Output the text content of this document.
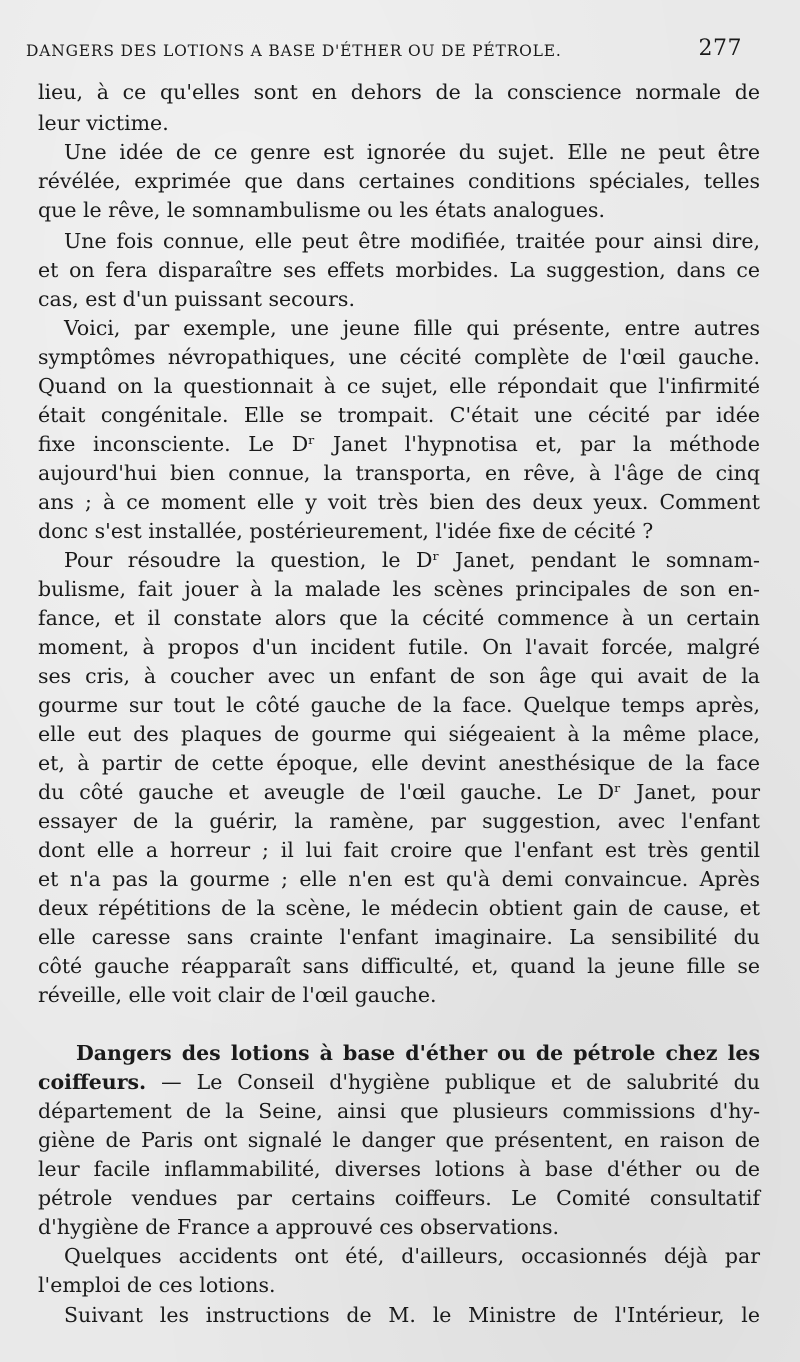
DANGERS DES LOTIONS A BASE D'ÉTHER OU DE PÉTROLE.	277
lieu, à ce qu'elles sont en dehors de la conscience normale de
leur victime.
Une idée de ce genre est ignorée du sujet. Elle ne peut être
révélée, exprimée que dans certaines conditions spéciales, telles
que le rêve, le somnambulisme ou les états analogues.
Une fois connue, elle peut être modifiée, traitée pour ainsi dire,
et on fera disparaître ses effets morbides. La suggestion, dans ce
cas, est d'un puissant secours.
Voici, par exemple, une jeune fille qui présente, entre autres
symptômes névropathiques, une cécité complète de l'œil gauche.
Quand on la questionnait à ce sujet, elle répondait que l'infirmité
était congénitale. Elle se trompait. C'était une cécité par idée
fixe inconsciente. Le Dʳ Janet l'hypnotisa et, par la méthode
aujourd'hui bien connue, la transporta, en rêve, à l'âge de cinq
ans ; à ce moment elle y voit très bien des deux yeux. Comment
donc s'est installée, postérieurement, l'idée fixe de cécité ?
Pour résoudre la question, le Dʳ Janet, pendant le somnam-
bulisme, fait jouer à la malade les scènes principales de son en-
fance, et il constate alors que la cécité commence à un certain
moment, à propos d'un incident futile. On l'avait forcée, malgré
ses cris, à coucher avec un enfant de son âge qui avait de la
gourme sur tout le côté gauche de la face. Quelque temps après,
elle eut des plaques de gourme qui siégeaient à la même place,
et, à partir de cette époque, elle devint anesthésique de la face
du côté gauche et aveugle de l'œil gauche. Le Dʳ Janet, pour
essayer de la guérir, la ramène, par suggestion, avec l'enfant
dont elle a horreur ; il lui fait croire que l'enfant est très gentil
et n'a pas la gourme ; elle n'en est qu'à demi convaincue. Après
deux répétitions de la scène, le médecin obtient gain de cause, et
elle caresse sans crainte l'enfant imaginaire. La sensibilité du
côté gauche réapparaît sans difficulté, et, quand la jeune fille se
réveille, elle voit clair de l'œil gauche.
Dangers des lotions à base d'éther ou de pétrole chez les
coiffeurs. — Le Conseil d'hygiène publique et de salubrité du
département de la Seine, ainsi que plusieurs commissions d'hy-
giène de Paris ont signalé le danger que présentent, en raison de
leur facile inflammabilité, diverses lotions à base d'éther ou de
pétrole vendues par certains coiffeurs. Le Comité consultatif
d'hygiène de France a approuvé ces observations.
Quelques accidents ont été, d'ailleurs, occasionnés déjà par
l'emploi de ces lotions.
Suivant les instructions de M. le Ministre de l'Intérieur, le
